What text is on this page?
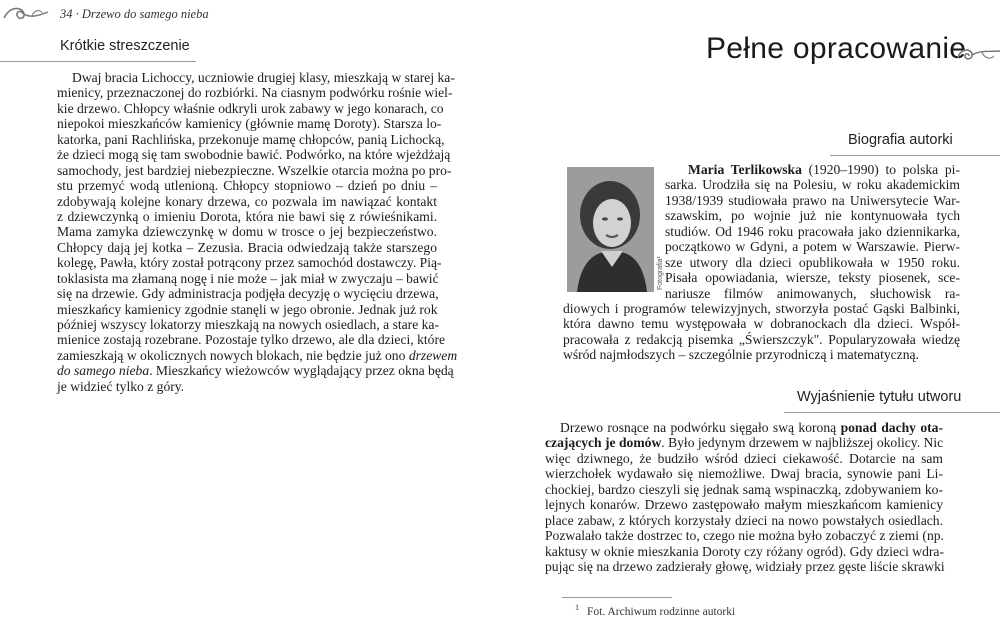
34 · Drzewo do samego nieba
Krótkie streszczenie
Dwaj bracia Lichoccy, uczniowie drugiej klasy, mieszkają w starej ka-
mienicy, przeznaczonej do rozbiórki. Na ciasnym podwórku rośnie wiel-
kie drzewo. Chłopcy właśnie odkryli urok zabawy w jego konarach, co
niepokoi mieszkańców kamienicy (głównie mamę Doroty). Starsza lo-
katorka, pani Rachlińska, przekonuje mamę chłopców, panią Lichocką,
że dzieci mogą się tam swobodnie bawić. Podwórko, na które wjeżdżają
samochody, jest bardziej niebezpieczne. Wszelkie otarcia można po pro-
stu przemyć wodą utlenioną. Chłopcy stopniowo – dzień po dniu –
zdobywają kolejne konary drzewa, co pozwala im nawiązać kontakt
z dziewczynką o imieniu Dorota, która nie bawi się z rówieśnikami.
Mama zamyka dziewczynkę w domu w trosce o jej bezpieczeństwo.
Chłopcy dają jej kotka – Zezusia. Bracia odwiedzają także starszego
kolegę, Pawła, który został potrącony przez samochód dostawczy. Pią-
toklasista ma złamaną nogę i nie może – jak miał w zwyczaju – bawić
się na drzewie. Gdy administracja podjęła decyzję o wycięciu drzewa,
mieszkańcy kamienicy zgodnie stanęli w jego obronie. Jednak już rok
później wszyscy lokatorzy mieszkają na nowych osiedlach, a stare ka-
mienice zostają rozebrane. Pozostaje tylko drzewo, ale dla dzieci, które
zamieszkają w okolicznych nowych blokach, nie będzie już ono drzewem
do samego nieba. Mieszkańcy wieżowców wyglądający przez okna będą
je widzieć tylko z góry.
Pełne opracowanie
Biografia autorki
Fotografia¹
Maria Terlikowska (1920–1990) to polska pi-
sarka. Urodziła się na Polesiu, w roku akademickim
1938/1939 studiowała prawo na Uniwersytecie War-
szawskim, po wojnie już nie kontynuowała tych
studiów. Od 1946 roku pracowała jako dziennikarka,
początkowo w Gdyni, a potem w Warszawie. Pierw-
sze utwory dla dzieci opublikowała w 1950 roku.
Pisała opowiadania, wiersze, teksty piosenek, sce-
nariusze filmów animowanych, słuchowisk ra-
diowych i programów telewizyjnych, stworzyła postać Gąski Balbinki,
która dawno temu występowała w dobranockach dla dzieci. Współ-
pracowała z redakcją pisemka „Świerszczyk". Popularyzowała wiedzę
wśród najmłodszych – szczególnie przyrodniczą i matematyczną.
Wyjaśnienie tytułu utworu
Drzewo rosnące na podwórku sięgało swą koroną ponad dachy ota-
czających je domów. Było jedynym drzewem w najbliższej okolicy. Nic
więc dziwnego, że budziło wśród dzieci ciekawość. Dotarcie na sam
wierzchołek wydawało się niemożliwe. Dwaj bracia, synowie pani Li-
chockiej, bardzo cieszyli się jednak samą wspinaczką, zdobywaniem ko-
lejnych konarów. Drzewo zastępowało małym mieszkańcom kamienicy
place zabaw, z których korzystały dzieci na nowo powstałych osiedlach.
Pozwalało także dostrzec to, czego nie można było zobaczyć z ziemi (np.
kaktusy w oknie mieszkania Doroty czy różany ogród). Gdy dzieci wdra-
pując się na drzewo zadzierały głowę, widziały przez gęste liście skrawki
$^1$ Fot. Archiwum rodzinne autorki
